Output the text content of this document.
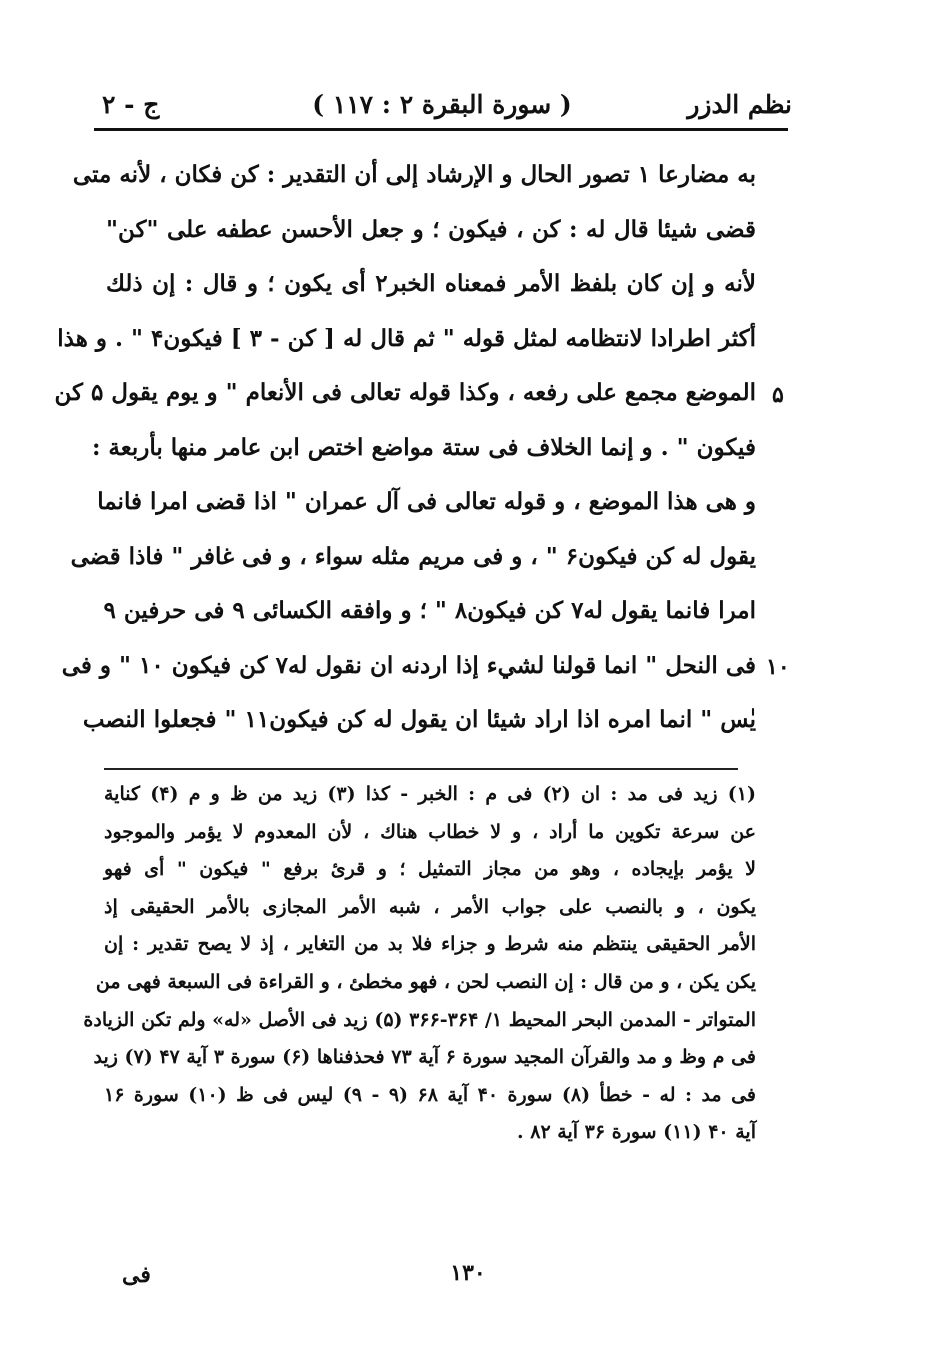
نظم الدزر
( سورة البقرة ۲ : ۱۱۷ )
ج - ۲
۵
۱۰
به مضارعا ۱ تصور الحال و الإرشاد إلى أن التقدير : كن فكان ، لأنه متى
قضى شيئا قال له : كن ، فيكون ؛ و جعل الأحسن عطفه على "كن"
لأنه و إن كان بلفظ الأمر فمعناه الخبر۲ أى يكون ؛ و قال : إن ذلك
أكثر اطرادا لانتظامه لمثل قوله " ثم قال له [ كن - ۳ ] فيكون۴ " . و هذا
الموضع مجمع على رفعه ، وكذا قوله تعالى فى الأنعام " و يوم يقول ۵ كن
فيكون " . و إنما الخلاف فى ستة مواضع اختص ابن عامر منها بأربعة :
و هى هذا الموضع ، و قوله تعالى فى آل عمران " اذا قضى امرا فانما
يقول له كن فيكون۶ " ، و فى مريم مثله سواء ، و فى غافر " فاذا قضى
امرا فانما يقول له۷ كن فيكون۸ " ؛ و وافقه الكسائى ۹ فى حرفين ۹
فى النحل " انما قولنا لشيء إذا اردنه ان نقول له۷ كن فيكون ۱۰ " و فى
يٰس " انما امره اذا اراد شيئا ان يقول له كن فيكون۱۱ " فجعلوا النصب
(۱) زيد فى مد : ان (۲) فى م : الخبر - كذا (۳) زيد من ظ و م (۴) كناية
عن سرعة تكوين ما أراد ، و لا خطاب هناك ، لأن المعدوم لا يؤمر والموجود
لا يؤمر بإيجاده ، وهو من مجاز التمثيل ؛ و قرئ برفع " فيكون " أى فهو
يكون ، و بالنصب على جواب الأمر ، شبه الأمر المجازى بالأمر الحقيقى إذ
الأمر الحقيقى ينتظم منه شرط و جزاء فلا بد من التغاير ، إذ لا يصح تقدير : إن
يكن يكن ، و من قال : إن النصب لحن ، فهو مخطئ ، و القراءة فى السبعة فهى من
المتواتر - المدمن البحر المحيط ۱/ ۳۶۴-۳۶۶ (۵) زيد فى الأصل «له» ولم تكن الزيادة
فى م وظ و مد والقرآن المجيد سورة ۶ آية ۷۳ فحذفناها (۶) سورة ۳ آية ۴۷ (۷) زيد
فى مد : له - خطأ (۸) سورة ۴۰ آية ۶۸ (۹ - ۹) ليس فى ظ (۱۰) سورة ۱۶
آية ۴۰ (۱۱) سورة ۳۶ آية ۸۲ .
۱۳۰
فى
